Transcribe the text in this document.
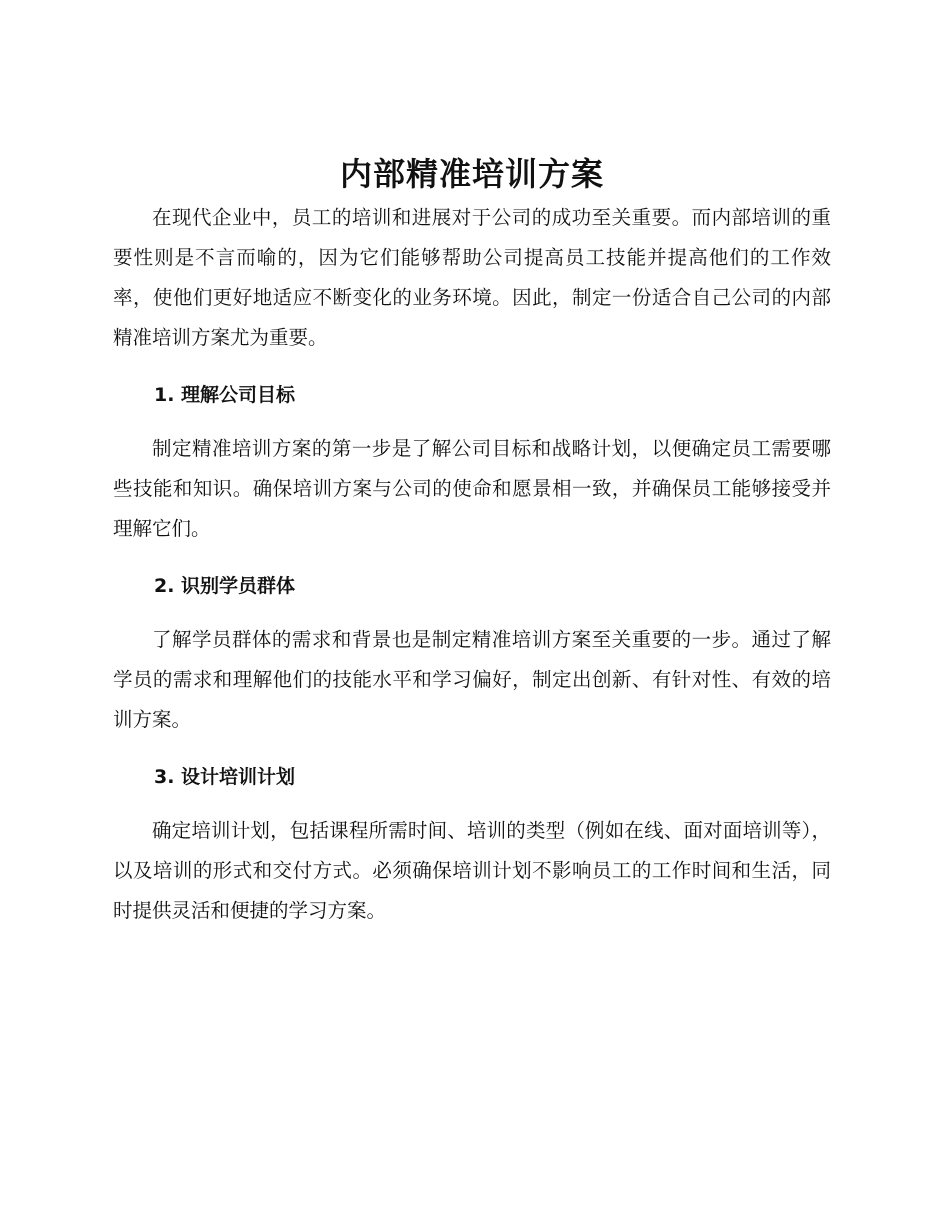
内部精准培训方案

在现代企业中，员工的培训和进展对于公司的成功至关重要。而内部培训的重要性则是不言而喻的，因为它们能够帮助公司提高员工技能并提高他们的工作效率，使他们更好地适应不断变化的业务环境。因此，制定一份适合自己公司的内部精准培训方案尤为重要。

1. 理解公司目标

制定精准培训方案的第一步是了解公司目标和战略计划，以便确定员工需要哪些技能和知识。确保培训方案与公司的使命和愿景相一致，并确保员工能够接受并理解它们。

2. 识别学员群体

了解学员群体的需求和背景也是制定精准培训方案至关重要的一步。通过了解学员的需求和理解他们的技能水平和学习偏好，制定出创新、有针对性、有效的培训方案。

3. 设计培训计划

确定培训计划，包括课程所需时间、培训的类型（例如在线、面对面培训等），以及培训的形式和交付方式。必须确保培训计划不影响员工的工作时间和生活，同时提供灵活和便捷的学习方案。
